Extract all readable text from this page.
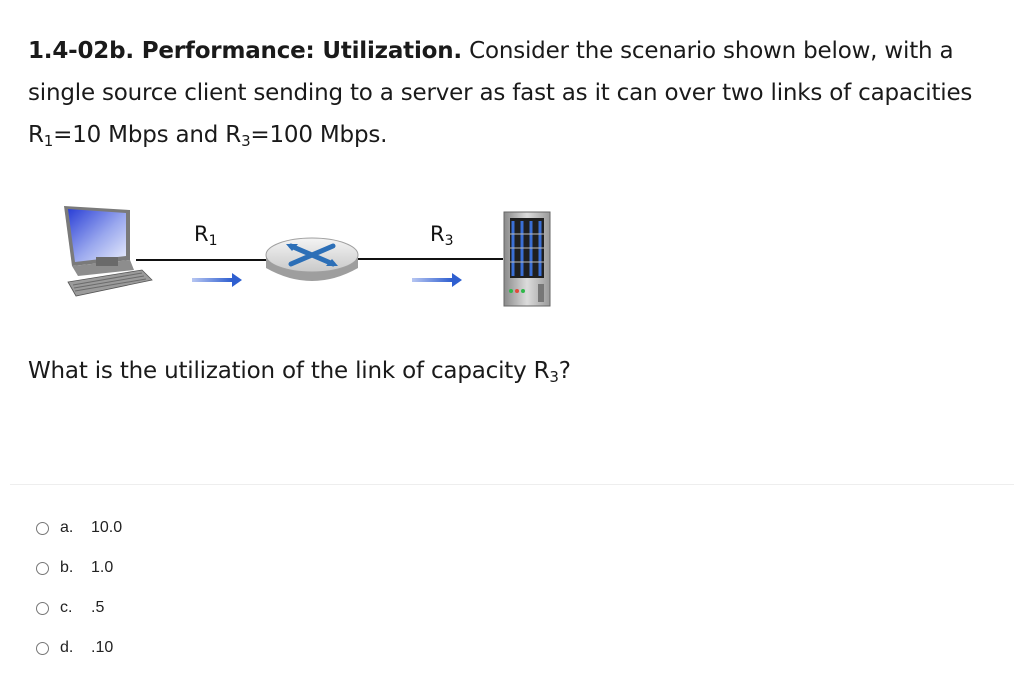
1.4-02b. Performance: Utilization. Consider the scenario shown below, with a single source client sending to a server as fast as it can over two links of capacities $R_1=10$ Mbps and $R_3=100$ Mbps.
$R_1$	$R_3$
What is the utilization of the link of capacity $R_3$?
a.	10.0
b.	1.0
c.	.5
d.	.10
